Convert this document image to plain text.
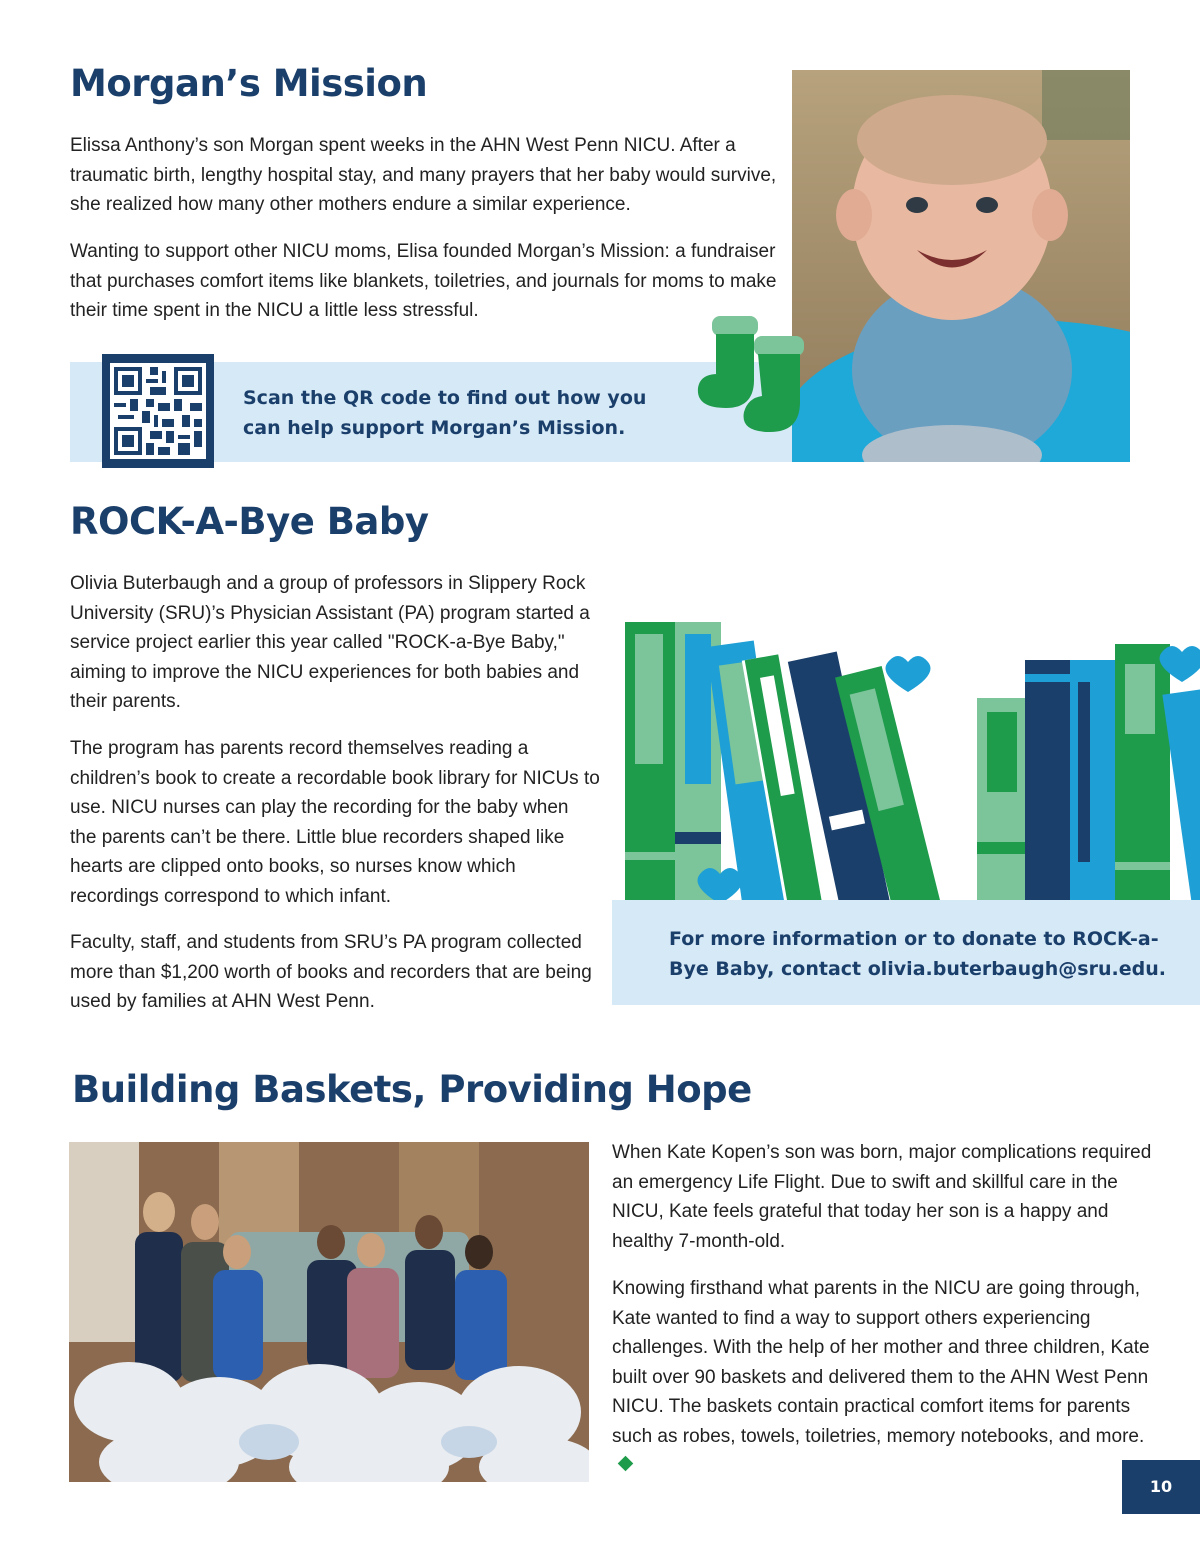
Morgan’s Mission

Elissa Anthony’s son Morgan spent weeks in the AHN West Penn NICU. After a traumatic birth, lengthy hospital stay, and many prayers that her baby would survive, she realized how many other mothers endure a similar experience.

Wanting to support other NICU moms, Elisa founded Morgan’s Mission: a fundraiser that purchases comfort items like blankets, toiletries, and journals for moms to make their time spent in the NICU a little less stressful.

Scan the QR code to find out how you can help support Morgan’s Mission.

ROCK-A-Bye Baby

Olivia Buterbaugh and a group of professors in Slippery Rock University (SRU)’s Physician Assistant (PA) program started a service project earlier this year called "ROCK-a-Bye Baby," aiming to improve the NICU experiences for both babies and their parents.

The program has parents record themselves reading a children’s book to create a recordable book library for NICUs to use. NICU nurses can play the recording for the baby when the parents can’t be there. Little blue recorders shaped like hearts are clipped onto books, so nurses know which recordings correspond to which infant.

Faculty, staff, and students from SRU’s PA program collected more than $1,200 worth of books and recorders that are being used by families at AHN West Penn.

For more information or to donate to ROCK-a-Bye Baby, contact olivia.buterbaugh@sru.edu.

Building Baskets, Providing Hope

When Kate Kopen’s son was born, major complications required an emergency Life Flight. Due to swift and skillful care in the NICU, Kate feels grateful that today her son is a happy and healthy 7-month-old.

Knowing firsthand what parents in the NICU are going through, Kate wanted to find a way to support others experiencing challenges. With the help of her mother and three children, Kate built over 90 baskets and delivered them to the AHN West Penn NICU. The baskets contain practical comfort items for parents such as robes, towels, toiletries, memory notebooks, and more.

10
